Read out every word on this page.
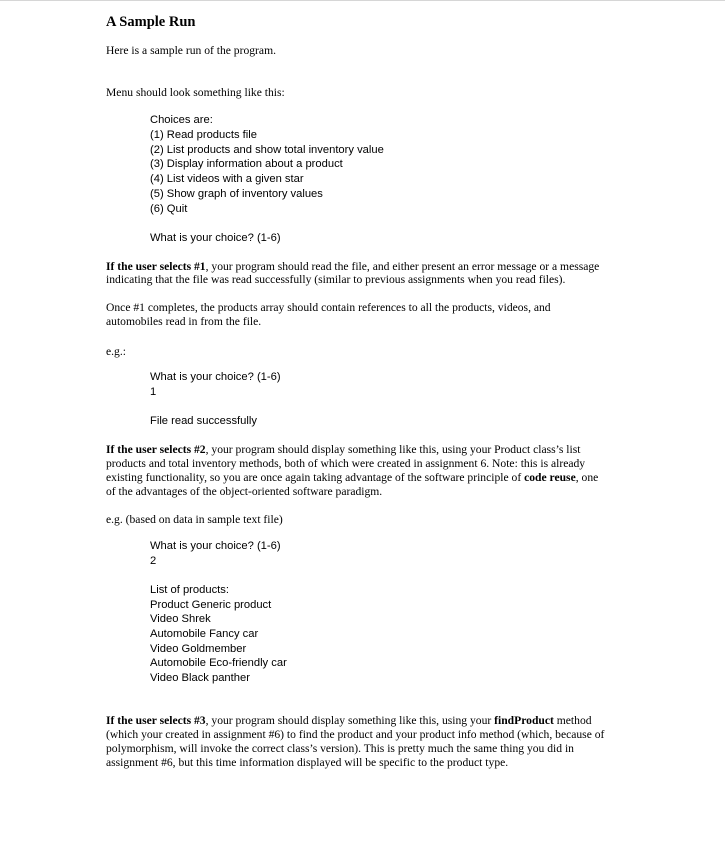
A Sample Run
Here is a sample run of the program.
Menu should look something like this:
Choices are:
(1) Read products file
(2) List products and show total inventory value
(3) Display information about a product
(4) List videos with a given star
(5) Show graph of inventory values
(6) Quit
What is your choice? (1-6)
If the user selects #1, your program should read the file, and either present an error message or a message
indicating that the file was read successfully (similar to previous assignments when you read files).
Once #1 completes, the products array should contain references to all the products, videos, and
automobiles read in from the file.
e.g.:
What is your choice? (1-6)
1
File read successfully
If the user selects #2, your program should display something like this, using your Product class’s list
products and total inventory methods, both of which were created in assignment 6. Note: this is already
existing functionality, so you are once again taking advantage of the software principle of code reuse, one
of the advantages of the object-oriented software paradigm.
e.g. (based on data in sample text file)
What is your choice? (1-6)
2
List of products:
Product Generic product
Video Shrek
Automobile Fancy car
Video Goldmember
Automobile Eco-friendly car
Video Black panther
If the user selects #3, your program should display something like this, using your findProduct method
(which your created in assignment #6) to find the product and your product info method (which, because of
polymorphism, will invoke the correct class’s version). This is pretty much the same thing you did in
assignment #6, but this time information displayed will be specific to the product type.
